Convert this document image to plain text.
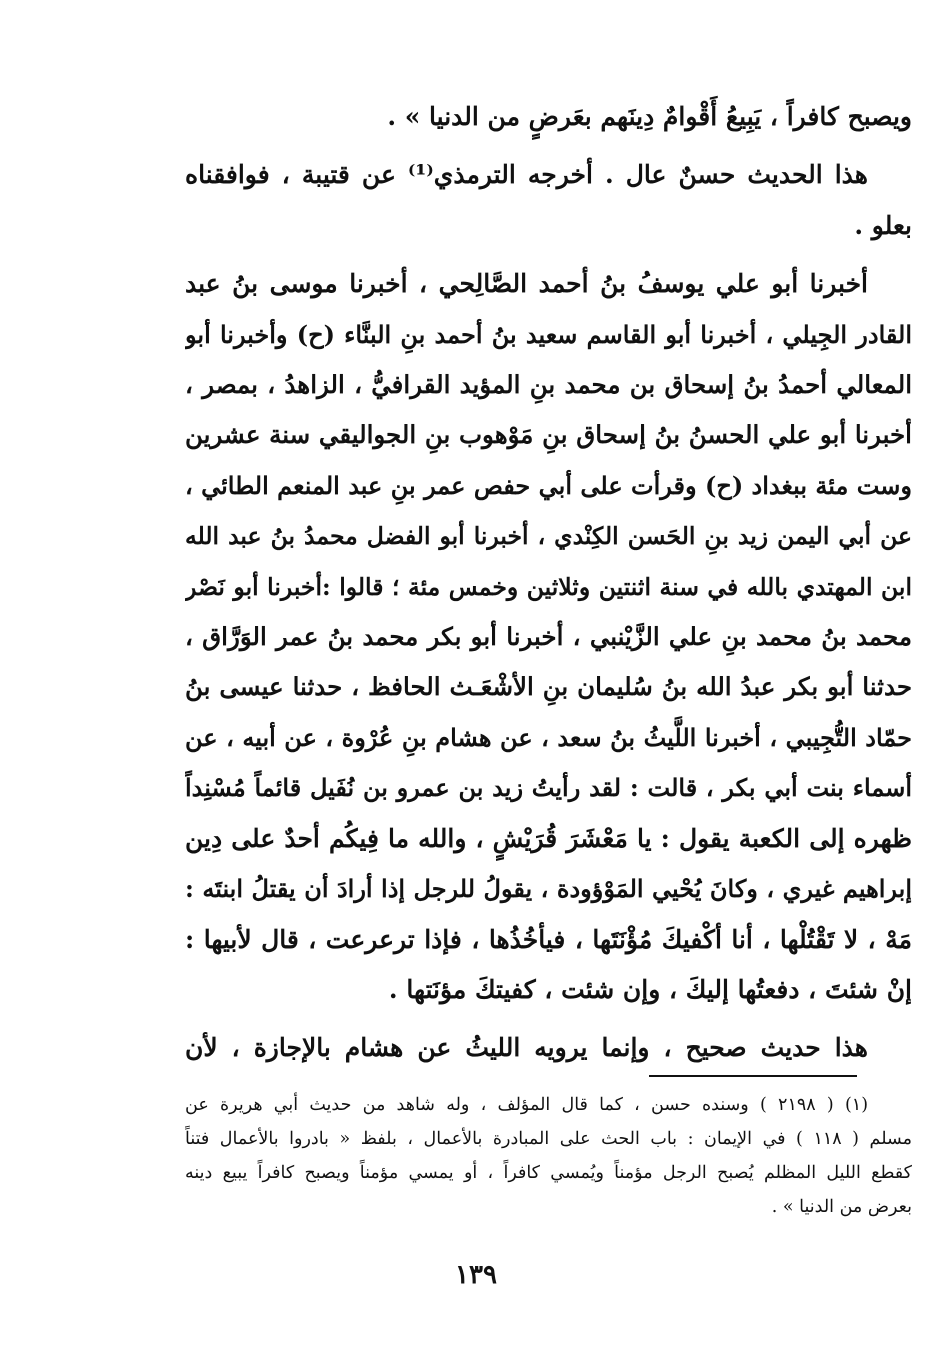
ويصبح كافراً ، يَبِيعُ أَقْوامٌ دِينَهم بعَرضٍ من الدنيا » .
هذا الحديث حسنٌ عال . أخرجه الترمذي⁽¹⁾ عن قتيبة ، فوافقناه
بعلو .
أخبرنا أبو علي يوسفُ بنُ أحمد الصَّالِحي ، أخبرنا موسى بنُ عبد
القادر الجِيلي ، أخبرنا أبو القاسم سعيد بنُ أحمد بنِ البنَّاء (ح) وأخبرنا أبو
المعالي أحمدُ بنُ إسحاق بن محمد بنِ المؤيد القرافيُّ ، الزاهدُ ، بمصر ،
أخبرنا أبو علي الحسنُ بنُ إسحاق بنِ مَوْهوب بنِ الجواليقي سنة عشرين
وست مئة ببغداد (ح) وقرأت على أبي حفص عمر بنِ عبد المنعم الطائي ،
عن أبي اليمن زيد بنِ الحَسن الكِنْدي ، أخبرنا أبو الفضل محمدُ بنُ عبد الله
ابن المهتدي بالله في سنة اثنتين وثلاثين وخمس مئة ؛ قالوا :أخبرنا أبو نَصْر
محمد بنُ محمد بنِ علي الزَّيْنبي ، أخبرنا أبو بكر محمد بنُ عمر الوَرَّاق ،
حدثنا أبو بكر عبدُ الله بنُ سُليمان بنِ الأشْعَـث الحافظ ، حدثنا عيسى بنُ
حمّاد التُّجِيبي ، أخبرنا اللَّيثُ بنُ سعد ، عن هشام بنِ عُرْوة ، عن أبيه ، عن
أسماء بنت أبي بكر ، قالت : لقد رأيتُ زيد بن عمرو بن نُفَيل قائماً مُسْنِداً
ظهره إلى الكعبة يقول : يا مَعْشَرَ قُرَيْشٍ ، والله ما فِيكُم أحدٌ على دِين
إبراهيم غيري ، وكانَ يُحْيي المَوْؤودة ، يقولُ للرجل إذا أرادَ أن يقتلُ ابنتَه :
مَهْ ، لا تَقْتُلْها ، أنا أكْفيكَ مُؤْنَتَها ، فيأخُذُها ، فإذا ترعرعت ، قال لأبيها :
إنْ شئتَ ، دفعتُها إليكَ ، وإن شئت ، كفيتكَ مؤنَتها .
هذا حديث صحيح ، وإنما يرويه الليثُ عن هشام بالإجازة ، لأن
(١) ( ٢١٩٨ ) وسنده حسن ، كما قال المؤلف ، وله شاهد من حديث أبي هريرة عن
مسلم ( ١١٨ ) في الإيمان : باب الحث على المبادرة بالأعمال ، بلفظ « بادروا بالأعمال فتناً
كقطع الليل المظلم يُصبح الرجل مؤمناً ويُمسي كافراً ، أو يمسي مؤمناً ويصبح كافراً يبيع دينه
بعرض من الدنيا » .
١٣٩
